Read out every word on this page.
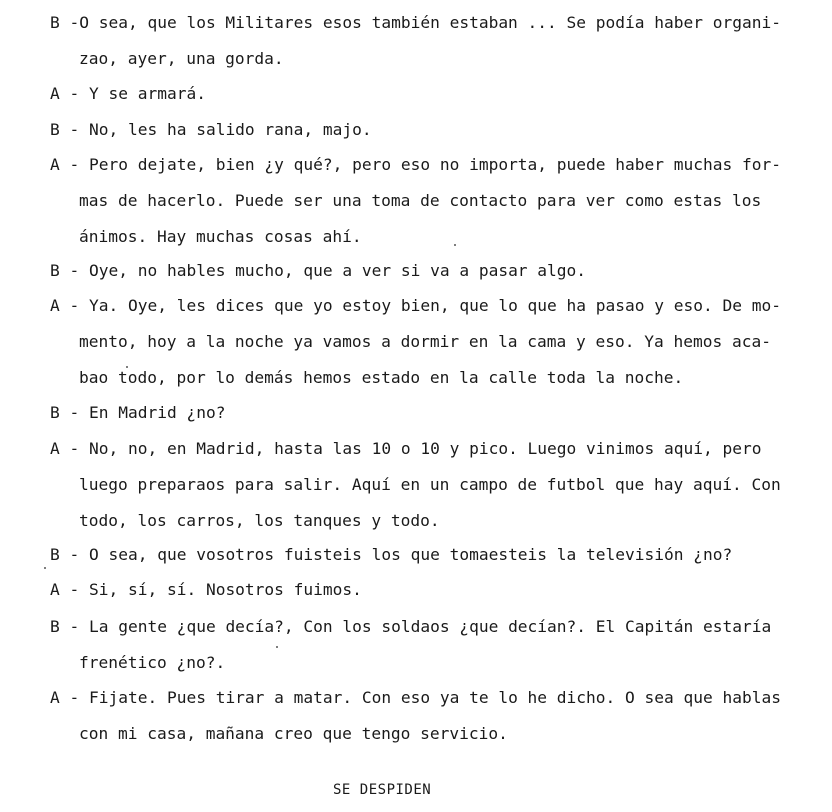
B -O sea, que los Militares esos también estaban ... Se podía haber organi-
zao, ayer, una gorda.
A - Y se armará.
B - No, les ha salido rana, majo.
A - Pero dejate, bien ¿y qué?, pero eso no importa, puede haber muchas for-
mas de hacerlo. Puede ser una toma de contacto para ver como estas los
ánimos. Hay muchas cosas ahí.
B - Oye, no hables mucho, que a ver si va a pasar algo.
A - Ya. Oye, les dices que yo estoy bien, que lo que ha pasao y eso. De mo-
mento, hoy a la noche ya vamos a dormir en la cama y eso. Ya hemos aca-
bao todo, por lo demás hemos estado en la calle toda la noche.
B - En Madrid ¿no?
A - No, no, en Madrid, hasta las 10 o 10 y pico. Luego vinimos aquí, pero
luego preparaos para salir. Aquí en un campo de futbol que hay aquí. Con
todo, los carros, los tanques y todo.
B - O sea, que vosotros fuisteis los que tomaesteis la televisión ¿no?
A - Si, sí, sí. Nosotros fuimos.
B - La gente ¿que decía?, Con los soldaos ¿que decían?. El Capitán estaría
frenético ¿no?.
A - Fijate. Pues tirar a matar. Con eso ya te lo he dicho. O sea que hablas
con mi casa, mañana creo que tengo servicio.
SE DESPIDEN
